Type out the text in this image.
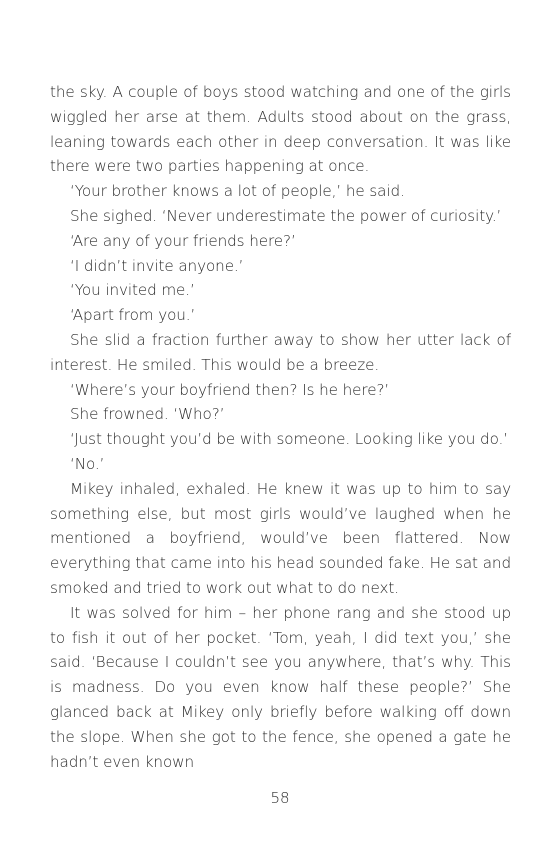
the sky. A couple of boys stood watching and one of the girls wiggled her arse at them. Adults stood about on the grass, leaning towards each other in deep conversation. It was like there were two parties happening at once.

‘Your brother knows a lot of people,’ he said.

She sighed. ‘Never underestimate the power of curiosity.’

‘Are any of your friends here?’

‘I didn’t invite anyone.’

‘You invited me.’

‘Apart from you.’

She slid a fraction further away to show her utter lack of interest. He smiled. This would be a breeze.

‘Where’s your boyfriend then? Is he here?’

She frowned. ‘Who?’

‘Just thought you’d be with someone. Looking like you do.’

‘No.’

Mikey inhaled, exhaled. He knew it was up to him to say something else, but most girls would’ve laughed when he mentioned a boyfriend, would’ve been flattered. Now everything that came into his head sounded fake. He sat and smoked and tried to work out what to do next.

It was solved for him – her phone rang and she stood up to fish it out of her pocket. ‘Tom, yeah, I did text you,’ she said. ‘Because I couldn’t see you anywhere, that’s why. This is madness. Do you even know half these people?’ She glanced back at Mikey only briefly before walking off down the slope. When she got to the fence, she opened a gate he hadn’t even known

58
